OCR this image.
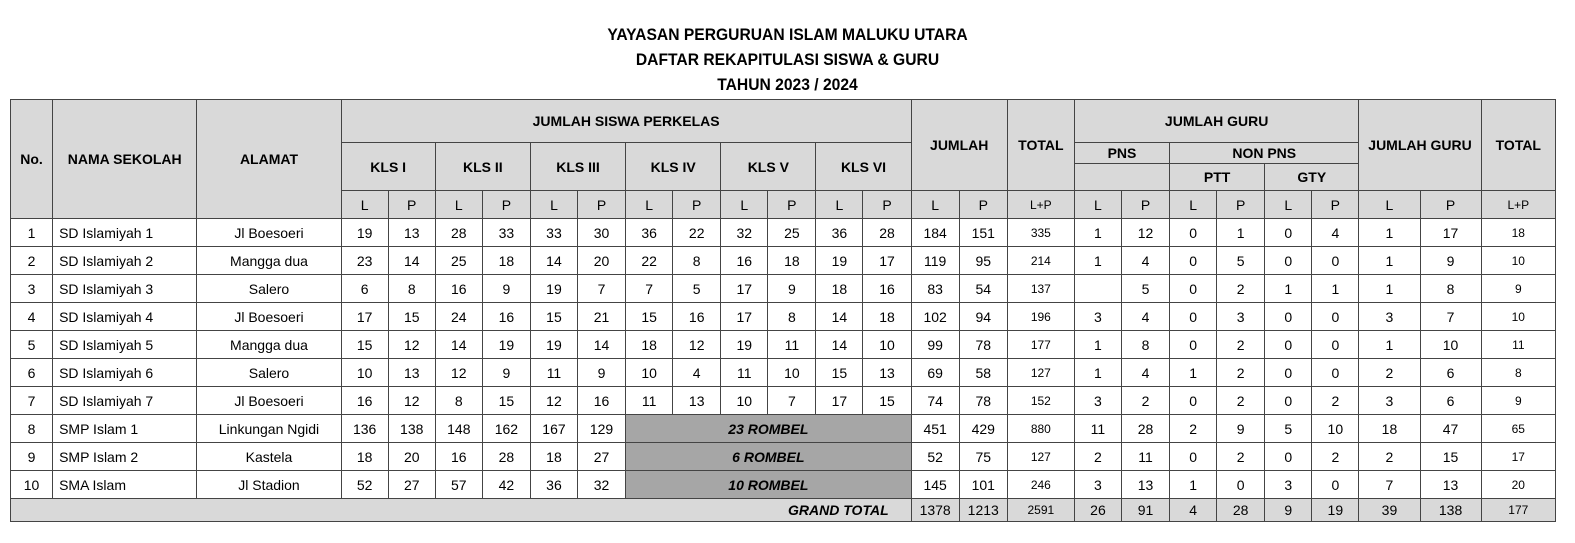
YAYASAN PERGURUAN ISLAM MALUKU UTARA
DAFTAR REKAPITULASI SISWA & GURU
TAHUN 2023 / 2024
No.	NAMA SEKOLAH	ALAMAT	JUMLAH SISWA PERKELAS												JUMLAH		TOTAL	JUMLAH GURU						JUMLAH GURU		TOTAL
			KLS I		KLS II		KLS III		KLS IV		KLS V		KLS VI					PNS		NON PNS						
																				PTT		GTY				
			L	P	L	P	L	P	L	P	L	P	L	P	L	P	L+P	L	P	L	P	L	P	L	P	L+P
1	SD Islamiyah 1	Jl Boesoeri	19	13	28	33	33	30	36	22	32	25	36	28	184	151	335	1	12	0	1	0	4	1	17	18
2	SD Islamiyah 2	Mangga dua	23	14	25	18	14	20	22	8	16	18	19	17	119	95	214	1	4	0	5	0	0	1	9	10
3	SD Islamiyah 3	Salero	6	8	16	9	19	7	7	5	17	9	18	16	83	54	137		5	0	2	1	1	1	8	9
4	SD Islamiyah 4	Jl Boesoeri	17	15	24	16	15	21	15	16	17	8	14	18	102	94	196	3	4	0	3	0	0	3	7	10
5	SD Islamiyah 5	Mangga dua	15	12	14	19	19	14	18	12	19	11	14	10	99	78	177	1	8	0	2	0	0	1	10	11
6	SD Islamiyah 6	Salero	10	13	12	9	11	9	10	4	11	10	15	13	69	58	127	1	4	1	2	0	0	2	6	8
7	SD Islamiyah 7	Jl Boesoeri	16	12	8	15	12	16	11	13	10	7	17	15	74	78	152	3	2	0	2	0	2	3	6	9
8	SMP Islam 1	Linkungan Ngidi	136	138	148	162	167	129	23 ROMBEL						451	429	880	11	28	2	9	5	10	18	47	65
9	SMP Islam 2	Kastela	18	20	16	28	18	27	6 ROMBEL						52	75	127	2	11	0	2	0	2	2	15	17
10	SMA Islam	Jl Stadion	52	27	57	42	36	32	10 ROMBEL						145	101	246	3	13	1	0	3	0	7	13	20
GRAND TOTAL															1378	1213	2591	26	91	4	28	9	19	39	138	177
